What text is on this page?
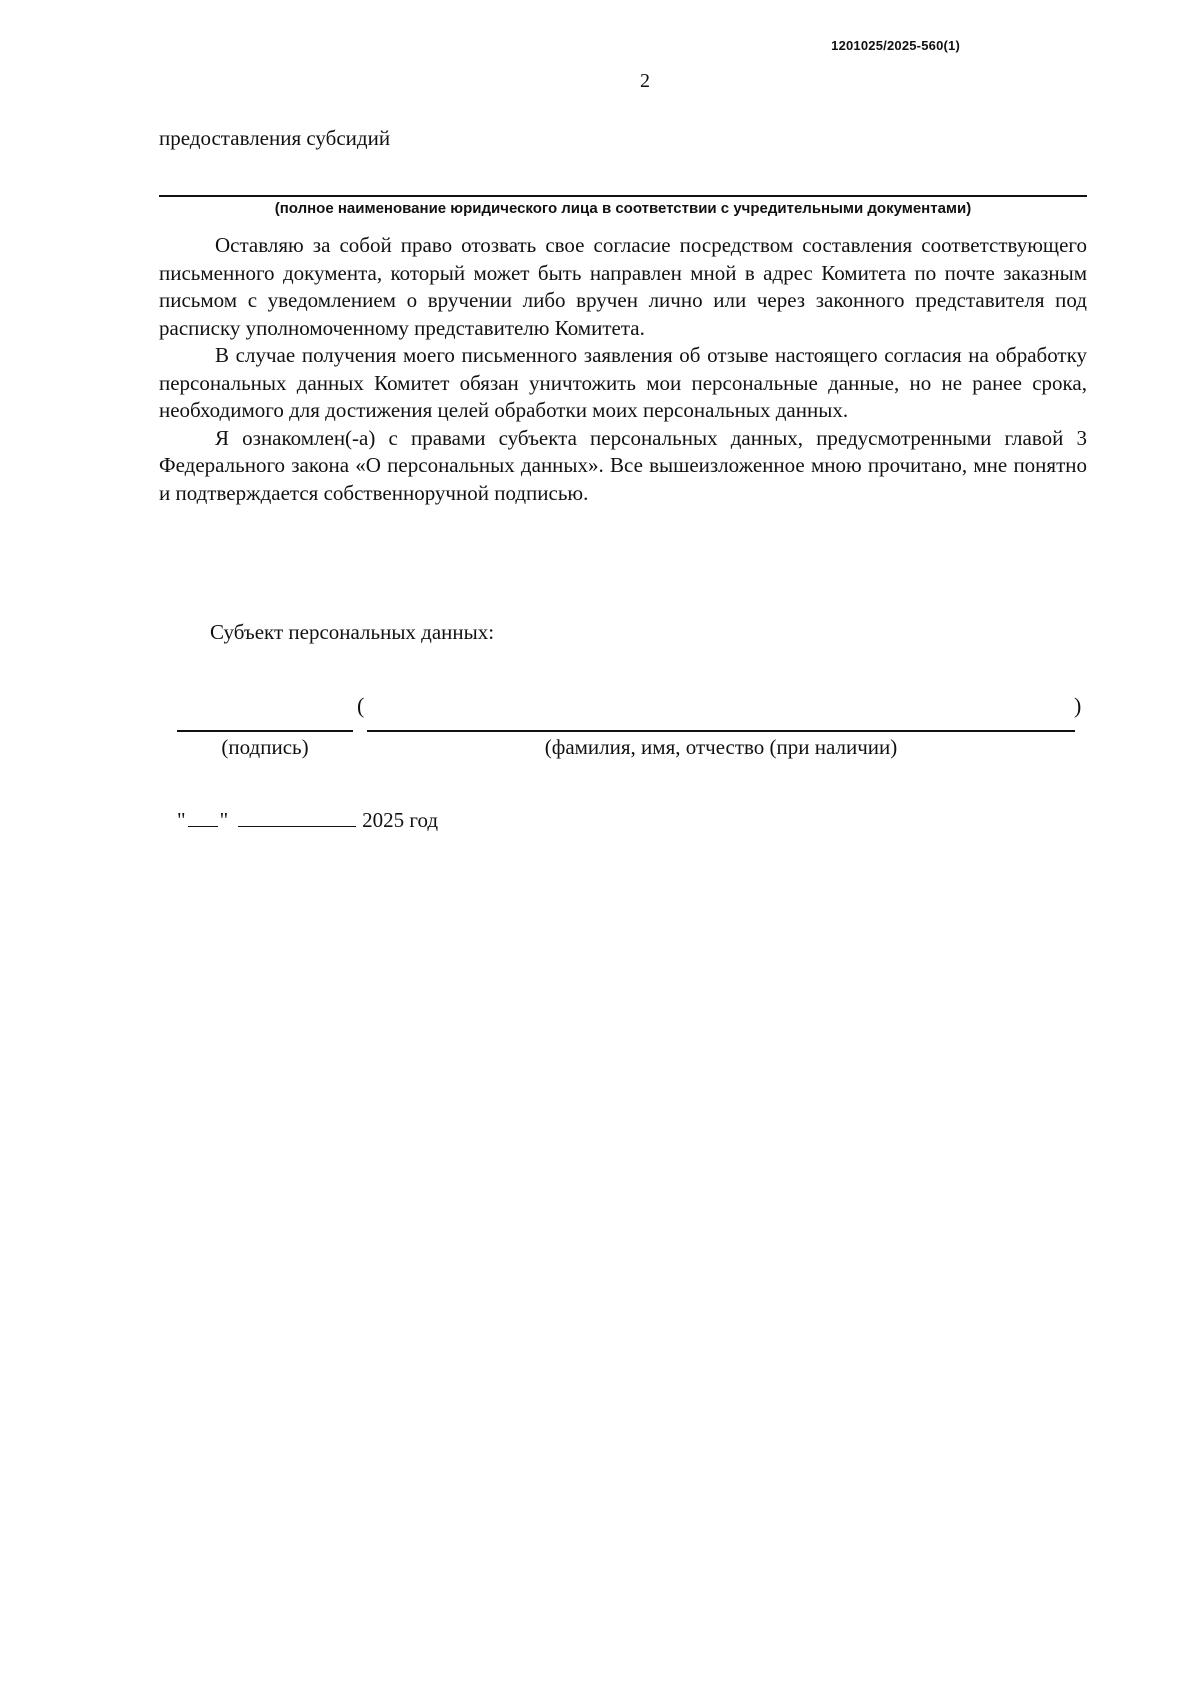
1201025/2025-560(1)
2
предоставления субсидий
(полное наименование юридического лица в соответствии с учредительными документами)

Оставляю за собой право отозвать свое согласие посредством составления соответствующего письменного документа, который может быть направлен мной в адрес Комитета по почте заказным письмом с уведомлением о вручении либо вручен лично или через законного представителя под расписку уполномоченному представителю Комитета.

В случае получения моего письменного заявления об отзыве настоящего согласия на обработку персональных данных Комитет обязан уничтожить мои персональные данные, но не ранее срока, необходимого для достижения целей обработки моих персональных данных.

Я ознакомлен(-а) с правами субъекта персональных данных, предусмотренными главой 3 Федерального закона «О персональных данных». Все вышеизложенное мною прочитано, мне понятно и подтверждается собственноручной подписью.

Субъект персональных данных:
(	)
(подпись)	(фамилия, имя, отчество (при наличии)
" "	2025 год
